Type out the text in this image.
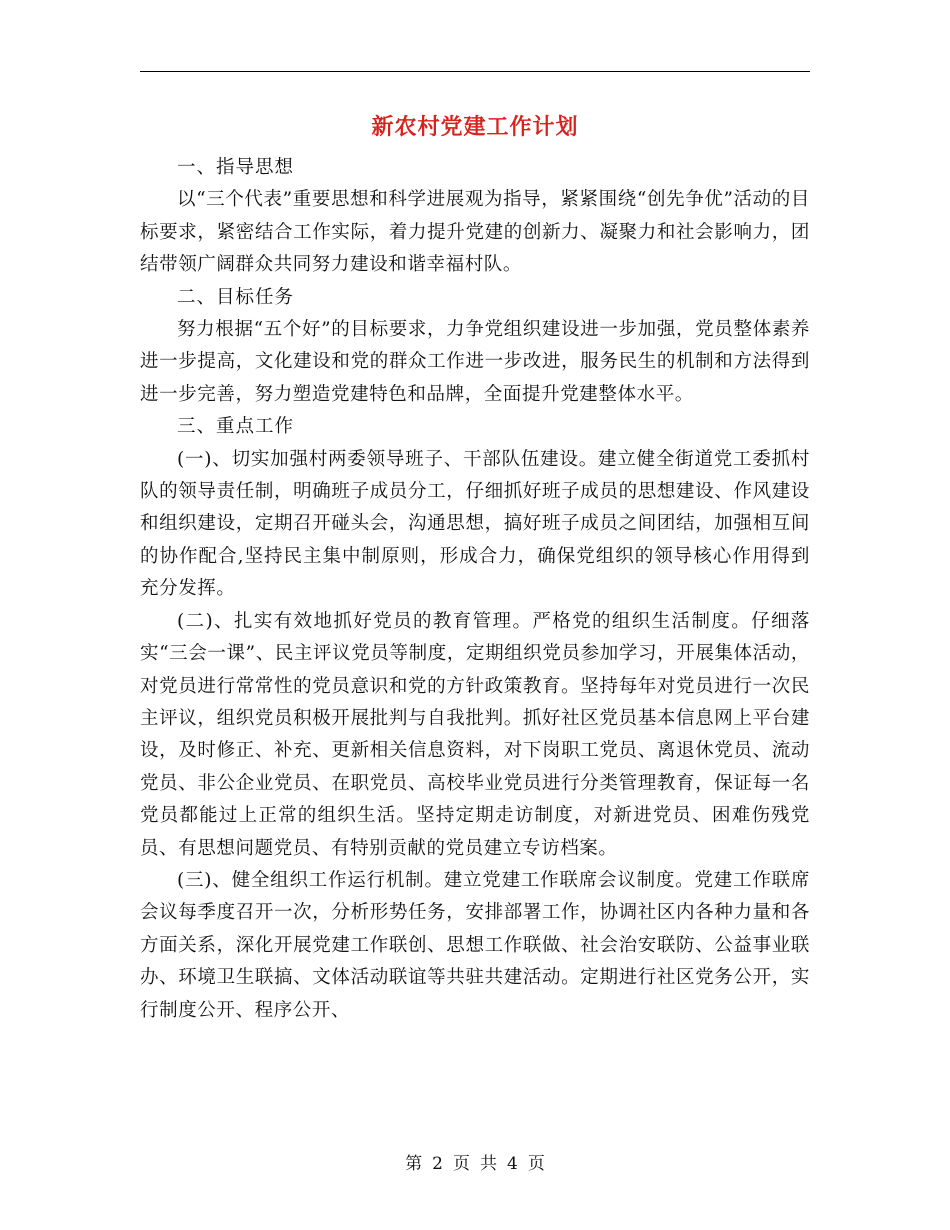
新农村党建工作计划

一、指导思想

以“三个代表”重要思想和科学进展观为指导，紧紧围绕“创先争优”活动的目标要求，紧密结合工作实际，着力提升党建的创新力、凝聚力和社会影响力，团结带领广阔群众共同努力建设和谐幸福村队。

二、目标任务

努力根据“五个好”的目标要求，力争党组织建设进一步加强，党员整体素养进一步提高，文化建设和党的群众工作进一步改进，服务民生的机制和方法得到进一步完善，努力塑造党建特色和品牌，全面提升党建整体水平。

三、重点工作

(一)、切实加强村两委领导班子、干部队伍建设。建立健全街道党工委抓村队的领导责任制，明确班子成员分工，仔细抓好班子成员的思想建设、作风建设和组织建设，定期召开碰头会，沟通思想，搞好班子成员之间团结，加强相互间的协作配合,坚持民主集中制原则，形成合力，确保党组织的领导核心作用得到充分发挥。

(二)、扎实有效地抓好党员的教育管理。严格党的组织生活制度。仔细落实“三会一课”、民主评议党员等制度，定期组织党员参加学习，开展集体活动，对党员进行常常性的党员意识和党的方针政策教育。坚持每年对党员进行一次民主评议，组织党员积极开展批判与自我批判。抓好社区党员基本信息网上平台建设，及时修正、补充、更新相关信息资料，对下岗职工党员、离退休党员、流动党员、非公企业党员、在职党员、高校毕业党员进行分类管理教育，保证每一名党员都能过上正常的组织生活。坚持定期走访制度，对新进党员、困难伤残党员、有思想问题党员、有特别贡献的党员建立专访档案。

(三)、健全组织工作运行机制。建立党建工作联席会议制度。党建工作联席会议每季度召开一次，分析形势任务，安排部署工作，协调社区内各种力量和各方面关系，深化开展党建工作联创、思想工作联做、社会治安联防、公益事业联办、环境卫生联搞、文体活动联谊等共驻共建活动。定期进行社区党务公开，实行制度公开、程序公开、

第 2 页 共 4 页
